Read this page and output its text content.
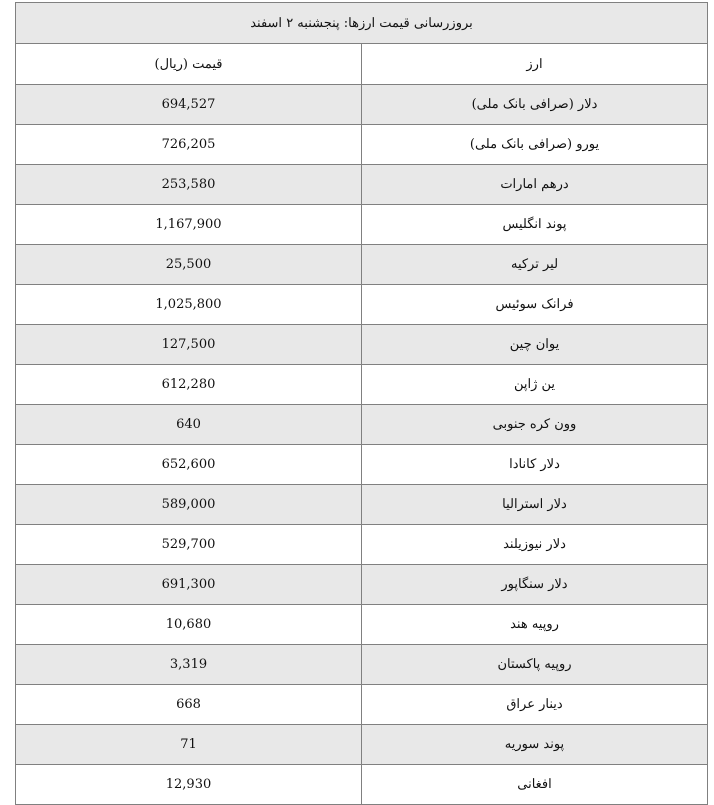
بروزرسانی قیمت ارزها: پنجشنبه ۲ اسفند	
ارز	قیمت (ریال)
دلار (صرافی بانک ملی)	694,527
یورو (صرافی بانک ملی)	726,205
درهم امارات	253,580
پوند انگلیس	1,167,900
لیر ترکیه	25,500
فرانک سوئیس	1,025,800
یوان چین	127,500
ین ژاپن	612,280
وون کره جنوبی	640
دلار کانادا	652,600
دلار استرالیا	589,000
دلار نیوزیلند	529,700
دلار سنگاپور	691,300
روپیه هند	10,680
روپیه پاکستان	3,319
دینار عراق	668
پوند سوریه	71
افغانی	12,930
